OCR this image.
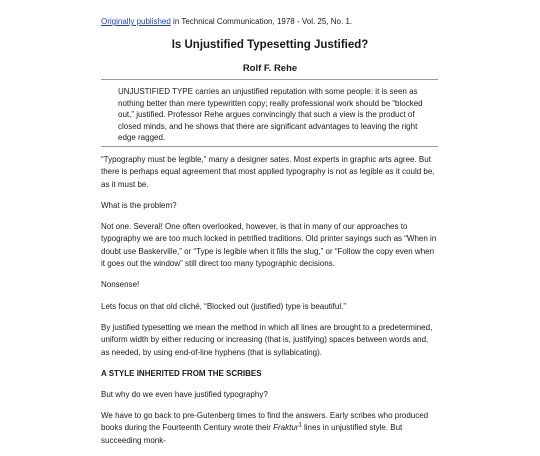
Originally published in Technical Communication, 1978 - Vol. 25, No. 1.
Is Unjustified Typesetting Justified?
Rolf F. Rehe

UNJUSTIFIED TYPE carries an unjustified reputation with some people: it is seen as nothing better than mere typewritten copy; really professional work should be “blocked out,” justified. Professor Rehe argues convincingly that such a view is the product of closed minds, and he shows that there are significant advantages to leaving the right edge ragged.

“Typography must be legible,” many a designer sates. Most experts in graphic arts agree. But there is perhaps equal agreement that most applied typography is not as legible as it could be, as it must be.

What is the problem?

Not one. Several! One often overlooked, however, is that in many of our approaches to typography we are too much locked in petrified traditions. Old printer sayings such as “When in doubt use Baskerville,” or “Type is legible when it fills the slug,” or “Follow the copy even when it goes out the window” still direct too many typographic decisions.

Nonsense!

Lets focus on that old cliché, “Blocked out (justified) type is beautiful.”

By justified typesetting we mean the method in which all lines are brought to a predetermined, uniform width by either reducing or increasing (that is, justifying) spaces between words and, as needed, by using end-of-line hyphens (that is syllabicating).

A STYLE INHERITED FROM THE SCRIBES

But why do we even have justified typography?

We have to go back to pre-Gutenberg times to find the answers. Early scribes who produced books during the Fourteenth Century wrote their Fraktur$^1$ lines in unjustified style. But succeeding monk-
